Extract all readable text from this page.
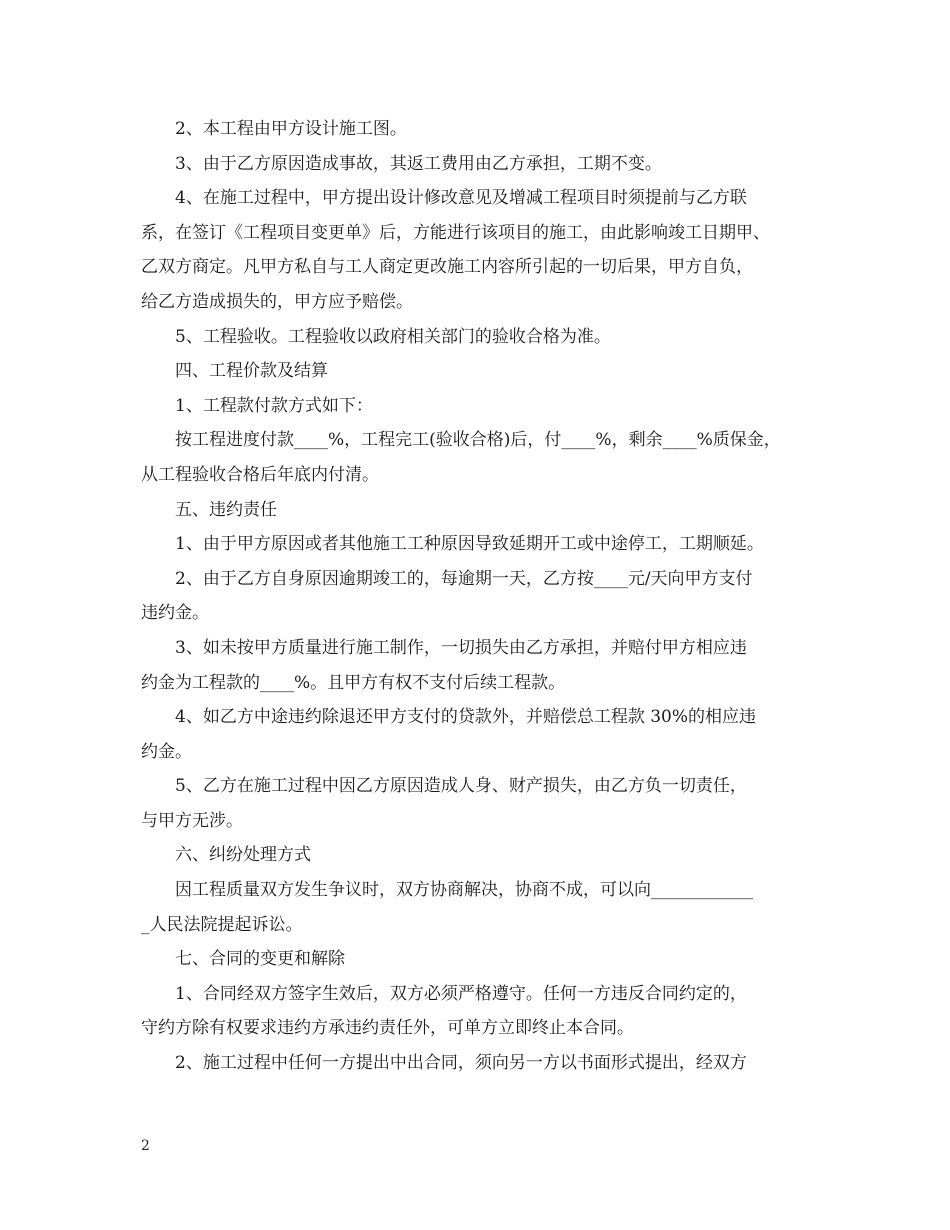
2、本工程由甲方设计施工图。

3、由于乙方原因造成事故，其返工费用由乙方承担，工期不变。

4、在施工过程中，甲方提出设计修改意见及增减工程项目时须提前与乙方联
系，在签订《工程项目变更单》后，方能进行该项目的施工，由此影响竣工日期甲、
乙双方商定。凡甲方私自与工人商定更改施工内容所引起的一切后果，甲方自负，
给乙方造成损失的，甲方应予赔偿。

5、工程验收。工程验收以政府相关部门的验收合格为准。

四、工程价款及结算

1、工程款付款方式如下：

按工程进度付款____%，工程完工(验收合格)后，付____%，剩余____%质保金，
从工程验收合格后年底内付清。

五、违约责任

1、由于甲方原因或者其他施工工种原因导致延期开工或中途停工，工期顺延。

2、由于乙方自身原因逾期竣工的，每逾期一天，乙方按____元/天向甲方支付
违约金。

3、如未按甲方质量进行施工制作，一切损失由乙方承担，并赔付甲方相应违
约金为工程款的____%。且甲方有权不支付后续工程款。

4、如乙方中途违约除退还甲方支付的贷款外，并赔偿总工程款 30%的相应违
约金。

5、乙方在施工过程中因乙方原因造成人身、财产损失，由乙方负一切责任，
与甲方无涉。

六、纠纷处理方式

因工程质量双方发生争议时，双方协商解决，协商不成，可以向____________
_人民法院提起诉讼。

七、合同的变更和解除

1、合同经双方签字生效后，双方必须严格遵守。任何一方违反合同约定的，
守约方除有权要求违约方承违约责任外，可单方立即终止本合同。

2、施工过程中任何一方提出中出合同，须向另一方以书面形式提出，经双方

2
